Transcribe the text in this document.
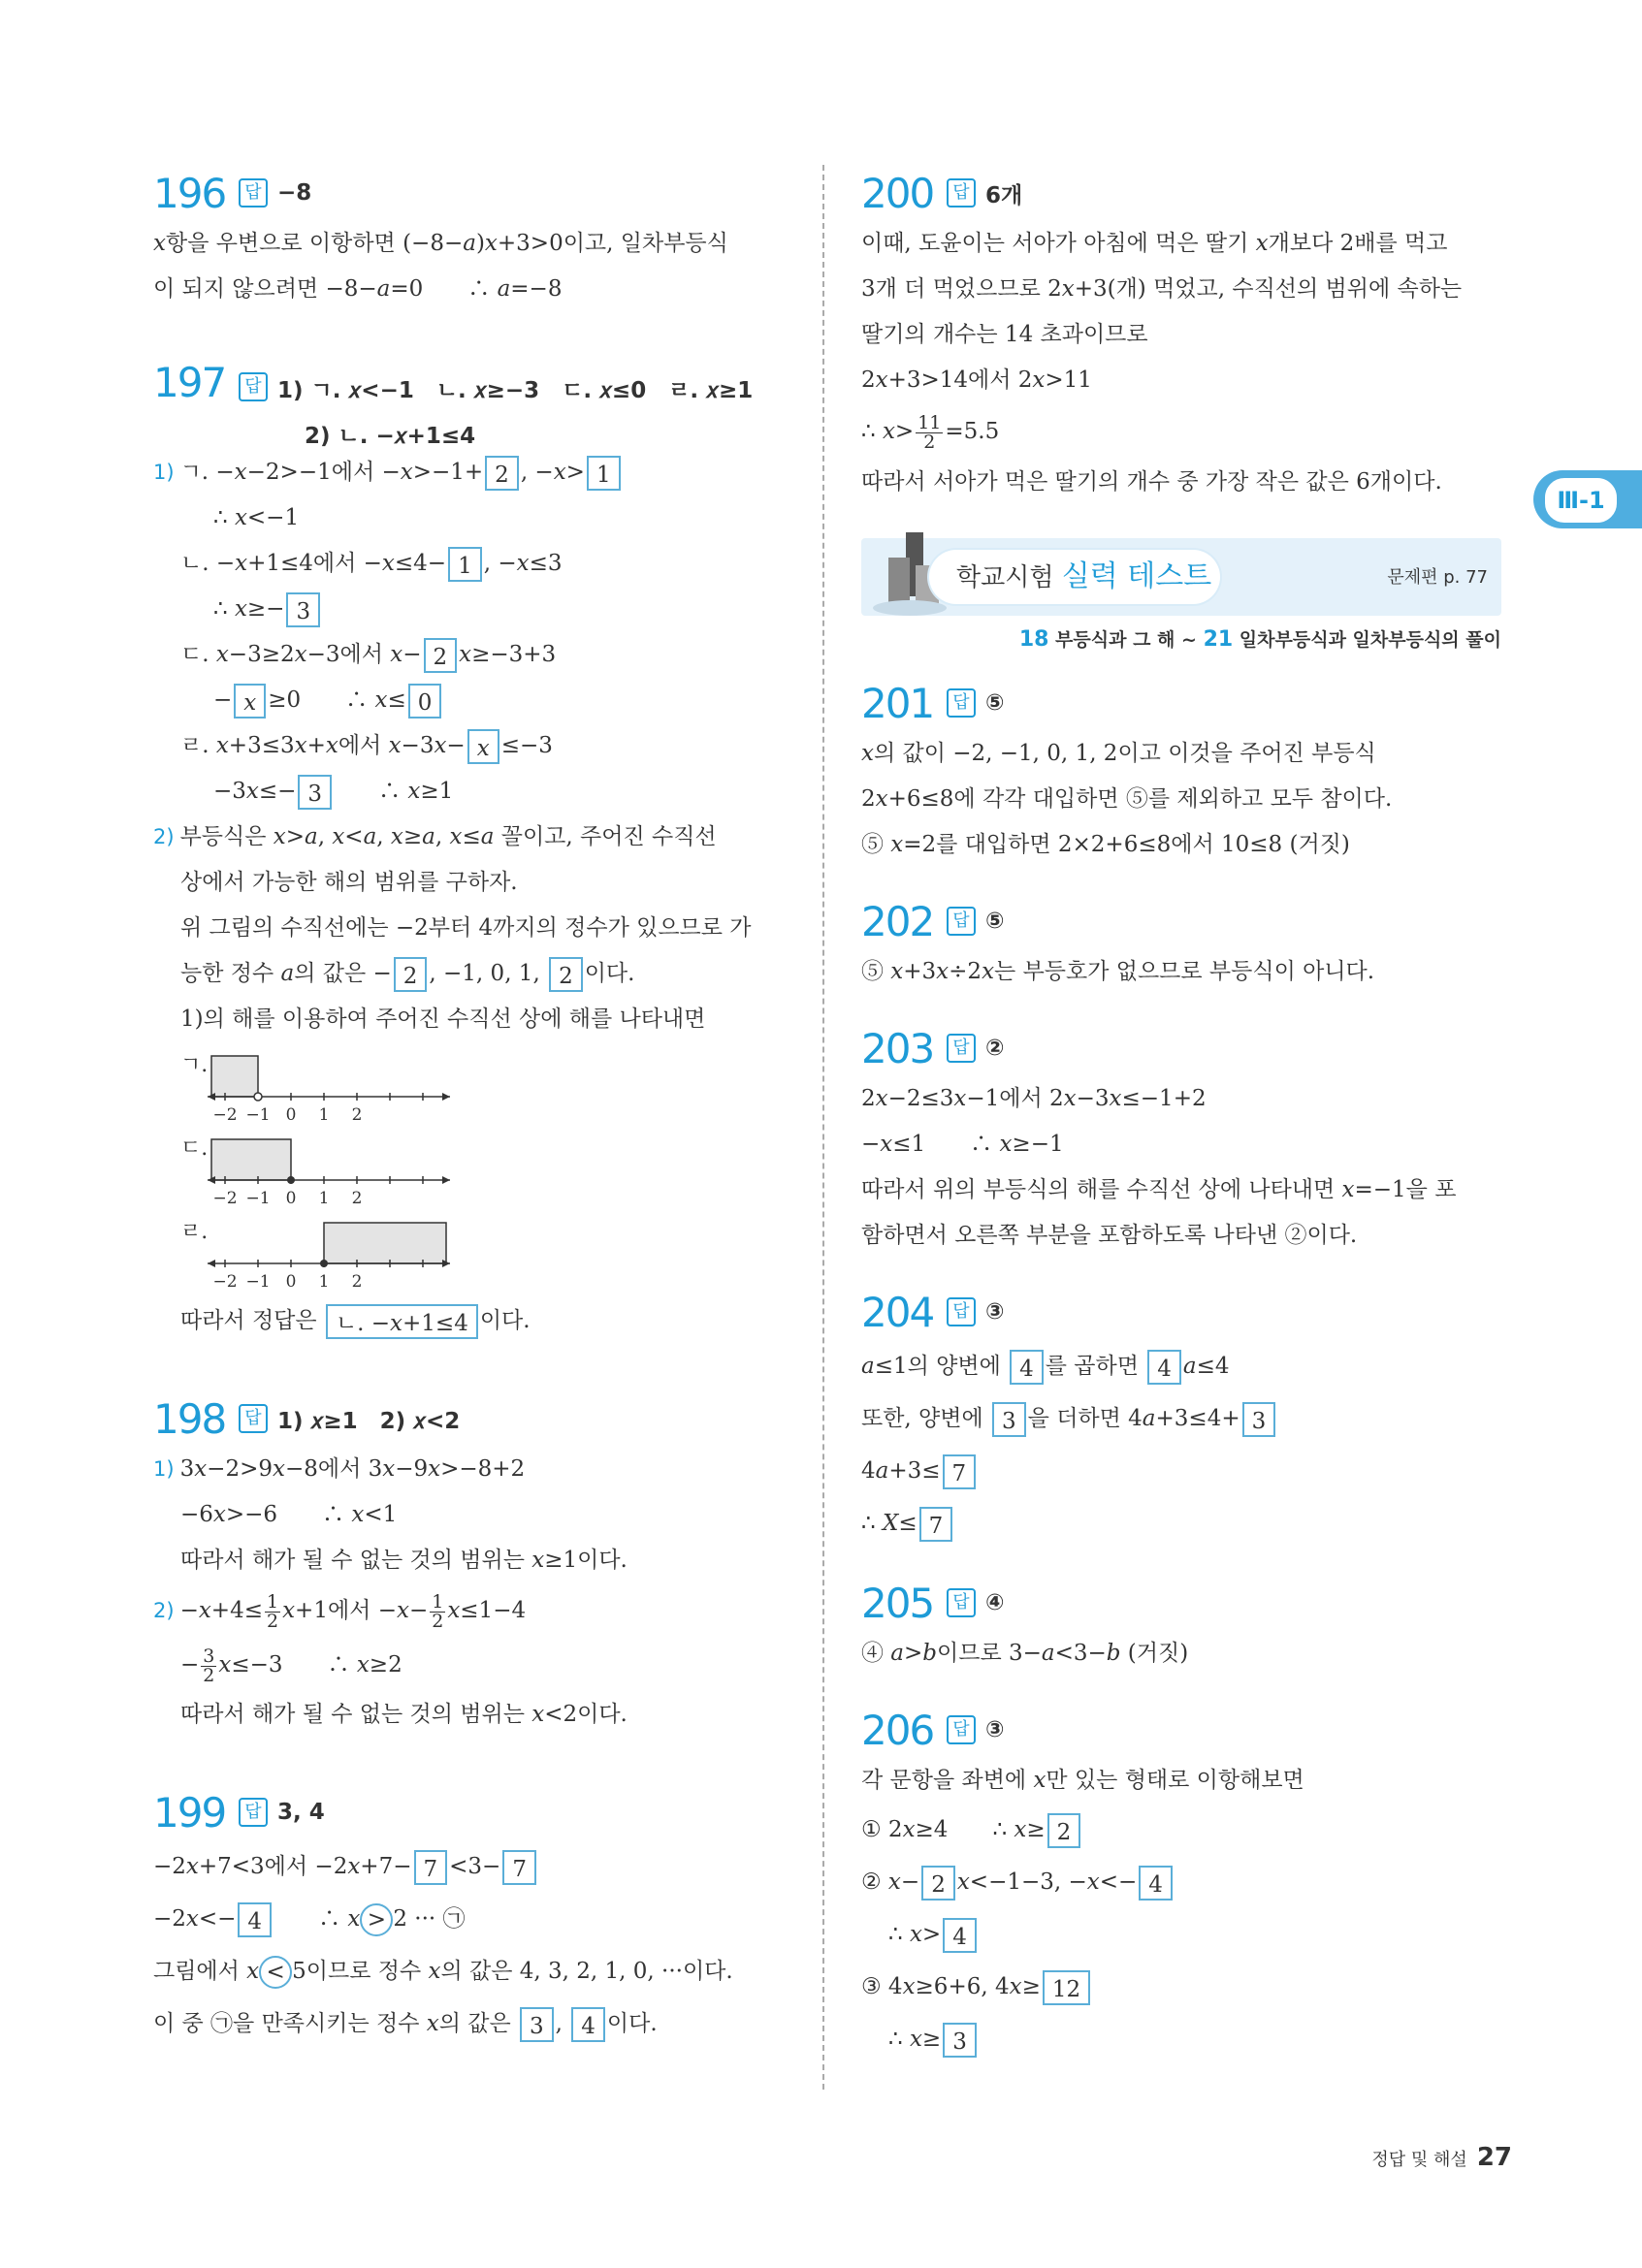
Ⅲ-1
196	답 −8
𝑥항을 우변으로 이항하면 (−8−𝑎)𝑥+3>0이고, 일차부등식
이 되지 않으려면 −8−𝑎=0　　∴ 𝑎=−8
197	답 1) ㄱ. 𝑥<−1　ㄴ. 𝑥≥−3　ㄷ. 𝑥≤0　ㄹ. 𝑥≥1
2) ㄴ. −𝑥+1≤4
1) ㄱ. −𝑥−2>−1에서 −𝑥>−1+ 2 , −𝑥> 1
∴ 𝑥<−1
ㄴ. −𝑥+1≤4에서 −𝑥≤4− 1 , −𝑥≤3
∴ 𝑥≥− 3
ㄷ. 𝑥−3≥2𝑥−3에서 𝑥− 2 𝑥≥−3+3
− 𝑥 ≥0　　∴ 𝑥≤ 0
ㄹ. 𝑥+3≤3𝑥+𝑥에서 𝑥−3𝑥− 𝑥 ≤−3
−3𝑥≤− 3　　∴ 𝑥≥1
2) 부등식은 𝑥>𝑎, 𝑥<𝑎, 𝑥≥𝑎, 𝑥≤𝑎 꼴이고, 주어진 수직선
상에서 가능한 해의 범위를 구하자.
위 그림의 수직선에는 −2부터 4까지의 정수가 있으므로 가
능한 정수 𝑎의 값은 − 2 , −1, 0, 1, 2 이다.
1)의 해를 이용하여 주어진 수직선 상에 해를 나타내면
ㄱ.
−2 −1 0 1 2
ㄷ.
−2 −1 0 1 2
ㄹ.
−2 −1 0 1 2
따라서 정답은 ㄴ. −𝑥+1≤4 이다.
198	답 1) 𝑥≥1　2) 𝑥<2
1) 3𝑥−2>9𝑥−8에서 3𝑥−9𝑥>−8+2
−6𝑥>−6　　∴ 𝑥<1
따라서 해가 될 수 없는 것의 범위는 𝑥≥1이다.
2) −𝑥+4≤ $\frac{1}{2}$ 𝑥+1에서 −𝑥− $\frac{1}{2}$ 𝑥≤1−4
− $\frac{3}{2}$ 𝑥≤−3　　∴ 𝑥≥2
따라서 해가 될 수 없는 것의 범위는 𝑥<2이다.
199	답 3, 4
−2𝑥+7<3에서 −2𝑥+7− 7 <3− 7
−2𝑥<− 4　　∴ 𝑥 > 2 ··· ㉠
그림에서 𝑥 < 5이므로 정수 𝑥의 값은 4, 3, 2, 1, 0, ···이다.
이 중 ㉠을 만족시키는 정수 𝑥의 값은 3 , 4 이다.
200	답 6개
이때, 도윤이는 서아가 아침에 먹은 딸기 𝑥개보다 2배를 먹고
3개 더 먹었으므로 2𝑥+3(개) 먹었고, 수직선의 범위에 속하는
딸기의 개수는 14 초과이므로
2𝑥+3>14에서 2𝑥>11
∴ 𝑥> $\frac{11}{2} =5.5$
따라서 서아가 먹은 딸기의 개수 중 가장 작은 값은 6개이다.
학교시험 실력 테스트	문제편 p. 77
18 부등식과 그 해 ~ 21 일차부등식과 일차부등식의 풀이
201	답 ⑤
𝑥의 값이 −2, −1, 0, 1, 2이고 이것을 주어진 부등식
2𝑥+6≤8에 각각 대입하면 ⑤를 제외하고 모두 참이다.
⑤ 𝑥=2를 대입하면 2×2+6≤8에서 10≤8 (거짓)
202	답 ⑤
⑤ 𝑥+3𝑥÷2𝑥는 부등호가 없으므로 부등식이 아니다.
203	답 ②
2𝑥−2≤3𝑥−1에서 2𝑥−3𝑥≤−1+2
−𝑥≤1　　∴ 𝑥≥−1
따라서 위의 부등식의 해를 수직선 상에 나타내면 𝑥=−1을 포
함하면서 오른쪽 부분을 포함하도록 나타낸 ②이다.
204	답 ③
𝑎≤1의 양변에 4 를 곱하면 4 𝑎≤4
또한, 양변에 3 을 더하면 4𝑎+3≤4+ 3
4𝑎+3≤ 7
∴ 𝑋≤ 7
205	답 ④
④ 𝑎>𝑏이므로 3−𝑎<3−𝑏 (거짓)
206	답 ③
각 문항을 좌변에 𝑥만 있는 형태로 이항해보면
① 2𝑥≥4　　∴ 𝑥≥ 2
② 𝑥− 2 𝑥<−1−3, −𝑥<− 4
∴ 𝑥> 4
③ 4𝑥≥6+6, 4𝑥≥ 12
∴ 𝑥≥ 3
정답 및 해설 27
